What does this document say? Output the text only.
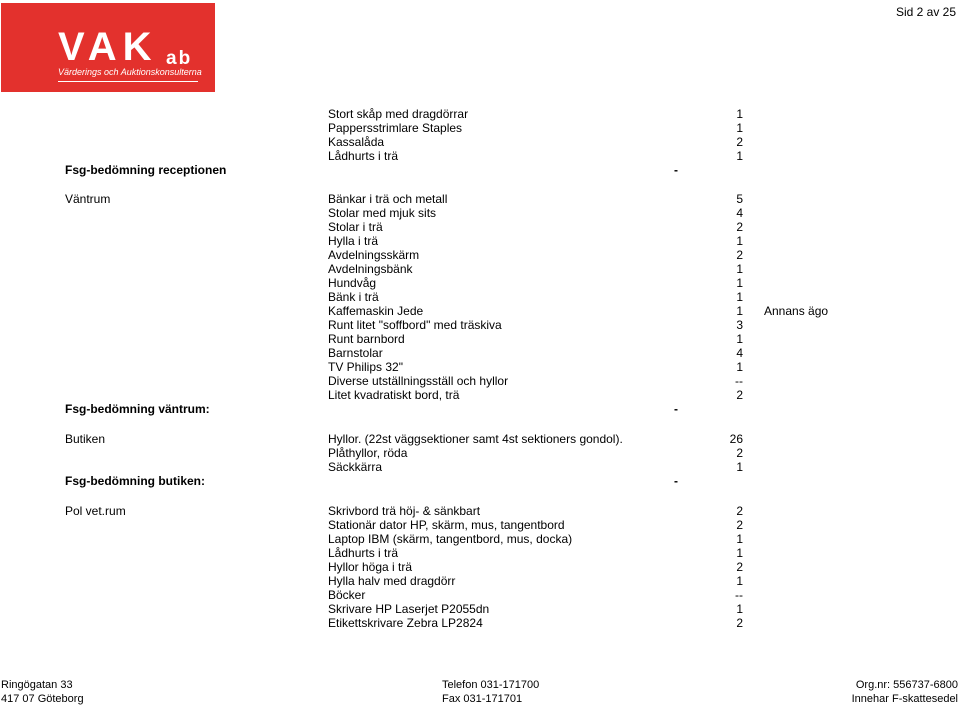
Sid 2 av 25
VAK ab
Värderings och Auktionskonsulterna
Stort skåp med dragdörrar	1
Pappersstrimlare Staples	1
Kassalåda	2
Lådhurts i trä	1
Fsg-bedömning receptionen	-
Väntrum	Bänkar i trä och metall	5
Stolar med mjuk sits	4
Stolar i trä	2
Hylla i trä	1
Avdelningsskärm	2
Avdelningsbänk	1
Hundvåg	1
Bänk i trä	1
Kaffemaskin Jede	1 Annans ägo
Runt litet "soffbord" med träskiva	3
Runt barnbord	1
Barnstolar	4
TV Philips 32"	1
Diverse utställningsställ och hyllor	--
Litet kvadratiskt bord, trä	2
Fsg-bedömning väntrum:	-
Butiken	Hyllor. (22st väggsektioner samt 4st sektioners gondol).	26
Plåthyllor, röda	2
Säckkärra	1
Fsg-bedömning butiken:	-
Pol vet.rum	Skrivbord trä höj- & sänkbart	2
Stationär dator HP, skärm, mus, tangentbord	2
Laptop IBM (skärm, tangentbord, mus, docka)	1
Lådhurts i trä	1
Hyllor höga i trä	2
Hylla halv med dragdörr	1
Böcker	--
Skrivare HP Laserjet P2055dn	1
Etikettskrivare Zebra LP2824	2
Ringögatan 33
417 07 Göteborg
Telefon 031-171700
Fax 031-171701
Org.nr: 556737-6800
Innehar F-skattesedel
